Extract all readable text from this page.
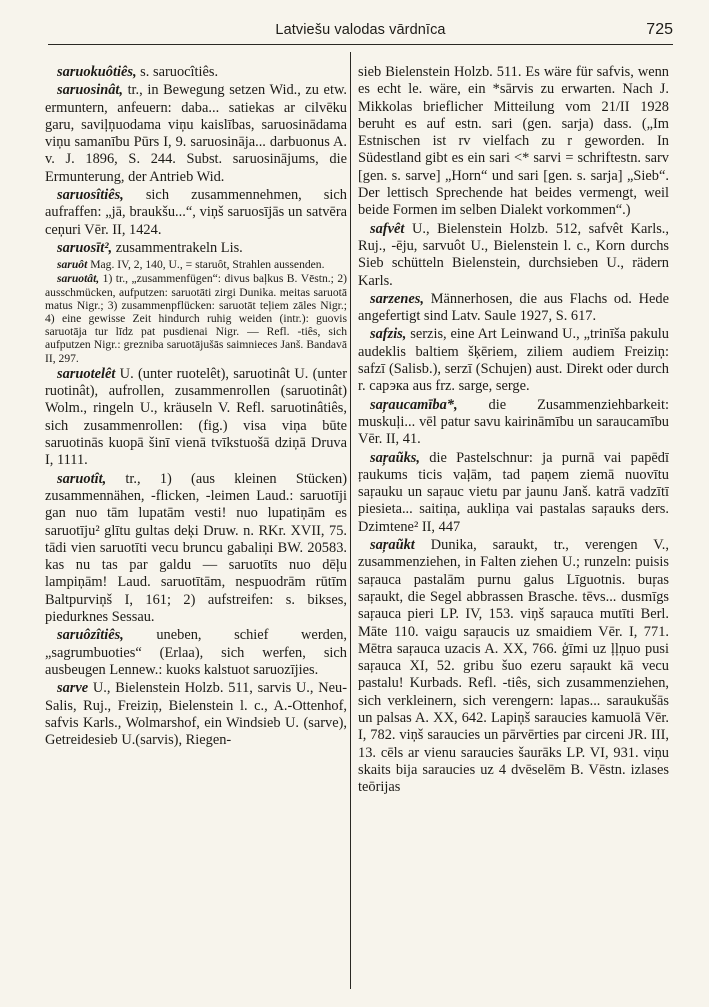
Latviešu valodas vārdnīca	725

saruokuôtiês, s. saruocîtiês.

saruosinât, tr., in Bewegung setzen Wid., zu etw. ermuntern, anfeuern: daba... satiekas ar cilvēku garu, saviļņuodama viņu kaislības, saruosinādama viņu samanību Pūrs I, 9. saruosināja... darbuonus A. v. J. 1896, S. 244. Subst. saruosinājums, die Ermunterung, der Antrieb Wid.

saruosîtiês, sich zusammennehmen, sich aufraffen: „jā, braukšu...“, viņš saruosījās un satvēra ceņuri Vēr. II, 1424.

saruosīt², zusammentrakeln Lis.

saruôt Mag. IV, 2, 140, U., = staruôt, Strahlen aussenden.

saruotât, 1) tr., „zusammenfügen“: divus baļkus B. Vēstn.; 2) ausschmücken, aufputzen: saruotāti zirgi Dunika. meitas saruotā matus Nigr.; 3) zusammenpflücken: saruotāt teļiem zāles Nigr.; 4) eine gewisse Zeit hindurch ruhig weiden (intr.): guovis saruotāja tur līdz pat pusdienai Nigr. — Refl. -tiês, sich aufputzen Nigr.: grezniba saruotājušās saimnieces Janš. Bandavā II, 297.

saruotelêt U. (unter ruotelêt), saruotinât U. (unter ruotinât), aufrollen, zusammenrollen (saruotinât) Wolm., ringeln U., kräuseln V. Refl. saruotinâtiês, sich zusammenrollen: (fig.) visa viņa būte saruotinās kuopā šinī vienā tvīkstuošā dziņā Druva I, 1111.

saruotît, tr., 1) (aus kleinen Stücken) zusammennähen, -flicken, -leimen Laud.: saruotīji gan nuo tām lupatām vesti! nuo lupatiņām es saruotīju² glītu gultas deķi Druw. n. RKr. XVII, 75. tādi vien saruotīti vecu bruncu gabaliņi BW. 20583. kas nu tas par galdu — saruotīts nuo dēļu lampiņām! Laud. saruotītām, nespuodrām rūtīm Baltpurviņš I, 161; 2) aufstreifen: s. bikses, piedurknes Sessau.

saruôzîtiês, uneben, schief werden, „sagrumbuoties“ (Erlaa), sich werfen, sich ausbeugen Lennew.: kuoks kalstuot saruozījies.

sarve U., Bielenstein Holzb. 511, sarvis U., Neu-Salis, Ruj., Freiziņ, Bielenstein l. c., A.-Ottenhof, safvis Karls., Wolmarshof, ein Windsieb U. (sarve), Getreidesieb U.(sarvis), Riegen-

sieb Bielenstein Holzb. 511. Es wäre für safvis, wenn es echt le. wäre, ein *sārvis zu erwarten. Nach J. Mikkolas brieflicher Mitteilung vom 21/II 1928 beruht es auf estn. sari (gen. sarja) dass. („Im Estnischen ist rv vielfach zu r geworden. In Südestland gibt es ein sari <* sarvi = schriftestn. sarv [gen. s. sarve] „Horn“ und sari [gen. s. sarja] „Sieb“. Der lettisch Sprechende hat beides vermengt, weil beide Formen im selben Dialekt vorkommen“.)

safvêt U., Bielenstein Holzb. 512, safvêt Karls., Ruj., -ēju, sarvuôt U., Bielenstein l. c., Korn durchs Sieb schütteln Bielenstein, durchsieben U., rädern Karls.

sarzenes, Männerhosen, die aus Flachs od. Hede angefertigt sind Latv. Saule 1927, S. 617.

safzis, serzis, eine Art Leinwand U., „trinīša pakulu audeklis baltiem šķēriem, ziliem audiem Freiziņ: safzī (Salisb.), serzī (Schujen) aust. Direkt oder durch r. сарэка aus frz. sarge, serge.

saŗaucamība*, die Zusammenziehbarkeit: muskuļi... vēl patur savu kairināmību un saraucamību Vēr. II, 41.

saŗaũks, die Pastelschnur: ja purnā vai papēdī ŗaukums ticis vaļām, tad paņem ziemā nuovītu saŗauku un saŗauc vietu par jaunu Janš. katrā vadzītī piesieta... saitiņa, aukliņa vai pastalas saŗauks ders. Dzimtene² II, 447

saŗaũkt Dunika, saraukt, tr., verengen V., zusammenziehen, in Falten ziehen U.; runzeln: puisis saŗauca pastalām purnu galus Līguotnis. buŗas saŗaukt, die Segel abbrassen Brasche. tēvs... dusmīgs saŗauca pieri LP. IV, 153. viņš saŗauca mutīti Berl. Māte 110. vaigu saŗaucis uz smaidiem Vēr. I, 771. Mētra saŗauca uzacis A. XX, 766. ģīmi uz ļļņuo pusi saŗauca XI, 52. gribu šuo ezeru saŗaukt kā vecu pastalu! Kurbads. Refl. -tiês, sich zusammenziehen, sich verkleinern, sich verengern: lapas... saraukušās un palsas A. XX, 642. Lapiņš saraucies kamuolā Vēr. I, 782. viņš saraucies un pārvērties par circeni JR. III, 13. cēls ar vienu saraucies šaurāks LP. VI, 931. viņu skaits bija saraucies uz 4 dvēselēm B. Vēstn. izlases teōrijas
